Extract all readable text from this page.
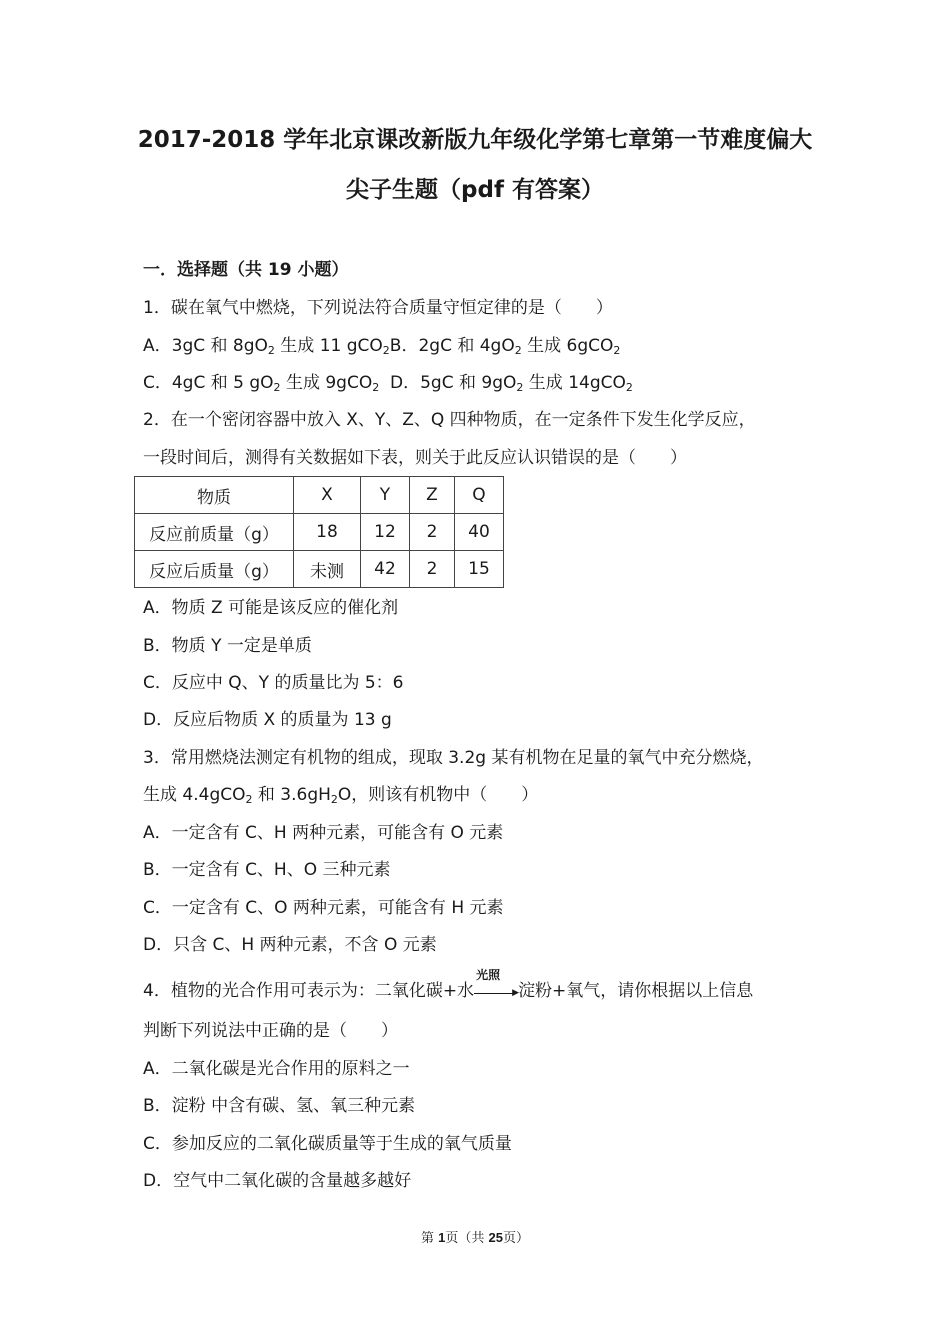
2017-2018 学年北京课改新版九年级化学第七章第一节难度偏大
尖子生题（pdf 有答案）
一．选择题（共 19 小题）
1．碳在氧气中燃烧，下列说法符合质量守恒定律的是（　　）
A．3gC 和 $8gO_2$ 生成 11 gCO$_2$B．2gC 和 $4gO_2$ 生成 6gCO$_2$
C．4gC 和 5 $gO_2$ 生成 9gCO$_2$ D．5gC 和 $9gO_2$ 生成 14gCO$_2$
2．在一个密闭容器中放入 X、Y、Z、Q 四种物质，在一定条件下发生化学反应，
一段时间后，测得有关数据如下表，则关于此反应认识错误的是（　　）
物质	X	Y	Z	Q
反应前质量（g）	18	12	2	40
反应后质量（g）	未测	42	2	15
A．物质 Z 可能是该反应的催化剂
B．物质 Y 一定是单质
C．反应中 Q、Y 的质量比为 5：6
D．反应后物质 X 的质量为 13 g
3．常用燃烧法测定有机物的组成，现取 3.2g 某有机物在足量的氧气中充分燃烧，
生成 4.4gCO$_2$ 和 $3.6gH_2O$，则该有机物中（　　）
A．一定含有 C、H 两种元素，可能含有 O 元素
B．一定含有 C、H、O 三种元素
C．一定含有 C、O 两种元素，可能含有 H 元素
D．只含 C、H 两种元素，不含 O 元素
4．植物的光合作用可表示为：二氧化碳+水
光照
▶ 淀粉+氧气，请你根据以上信息
判断下列说法中正确的是（　　）
A．二氧化碳是光合作用的原料之一
B．淀粉 中含有碳、氢、氧三种元素
C．参加反应的二氧化碳质量等于生成的氧气质量
D．空气中二氧化碳的含量越多越好
第 1页（共 25页）
